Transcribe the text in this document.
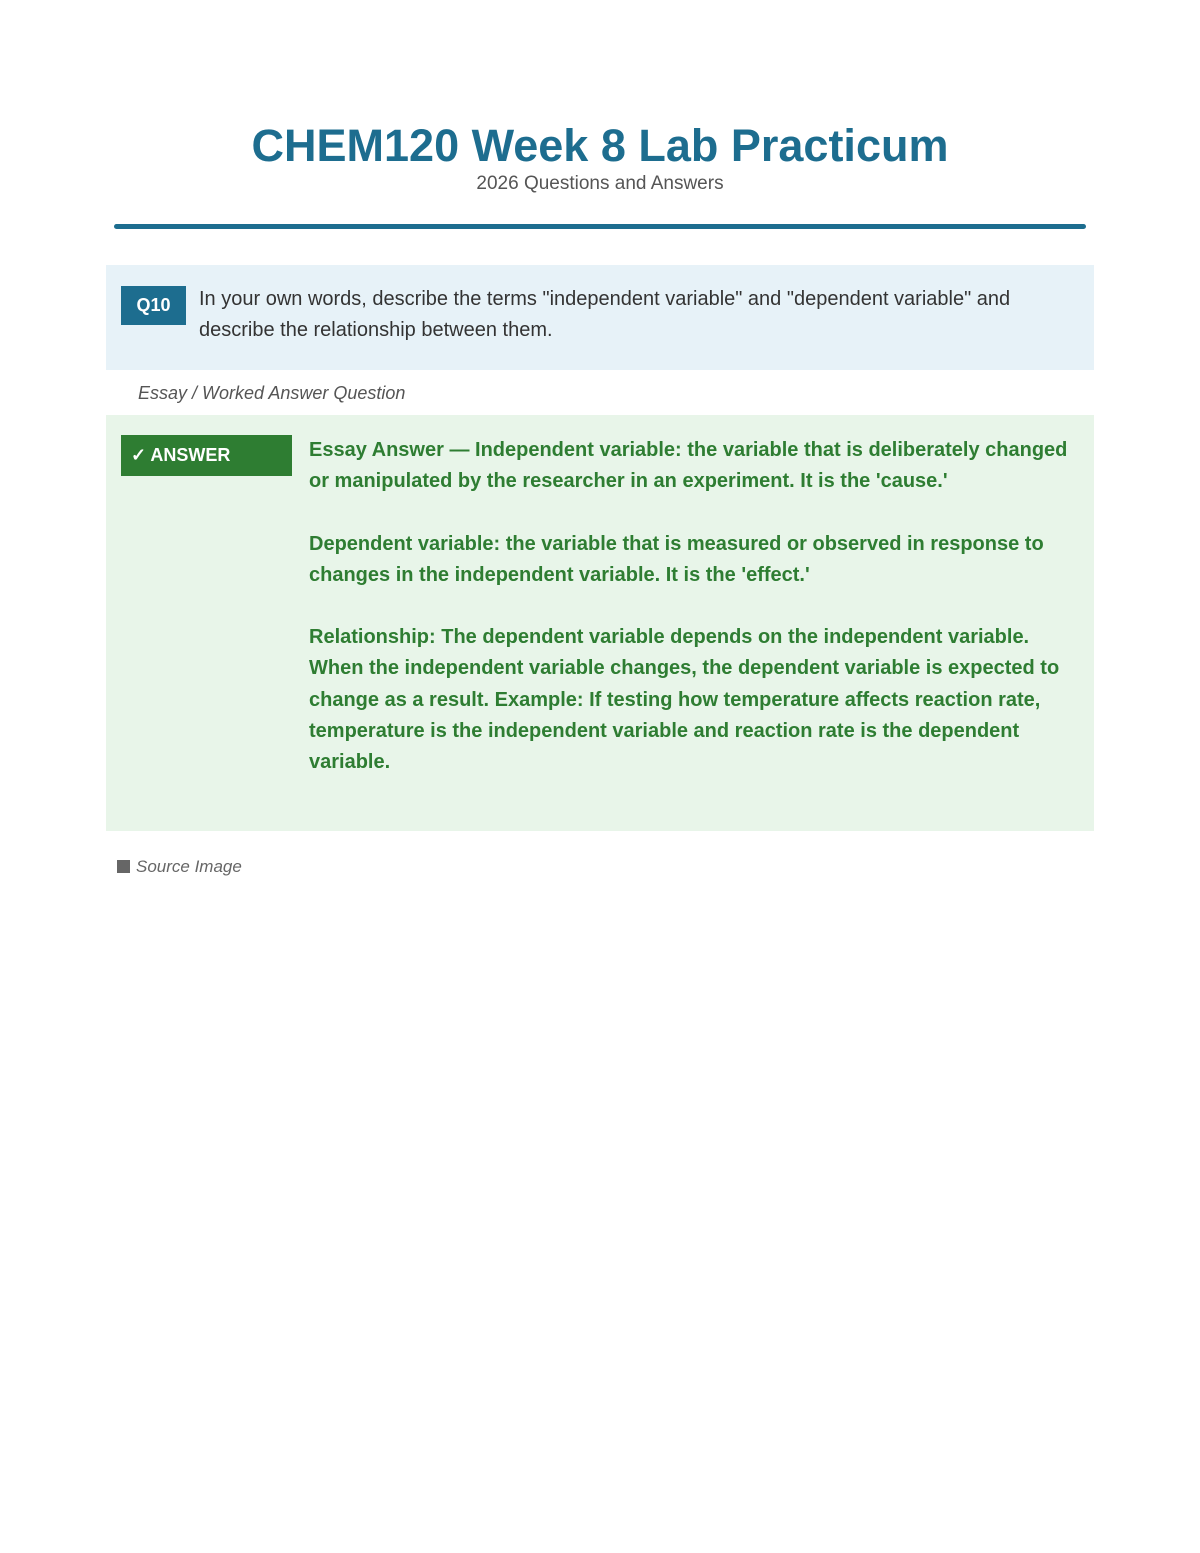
CHEM120 Week 8 Lab Practicum
2026 Questions and Answers
Q10	In your own words, describe the terms "independent variable" and "dependent variable" and describe the relationship between them.
Essay / Worked Answer Question
✓ ANSWER	Essay Answer — Independent variable: the variable that is deliberately changed or manipulated by the researcher in an experiment. It is the 'cause.'

Dependent variable: the variable that is measured or observed in response to changes in the independent variable. It is the 'effect.'

Relationship: The dependent variable depends on the independent variable. When the independent variable changes, the dependent variable is expected to change as a result. Example: If testing how temperature affects reaction rate, temperature is the independent variable and reaction rate is the dependent variable.

Source Image
